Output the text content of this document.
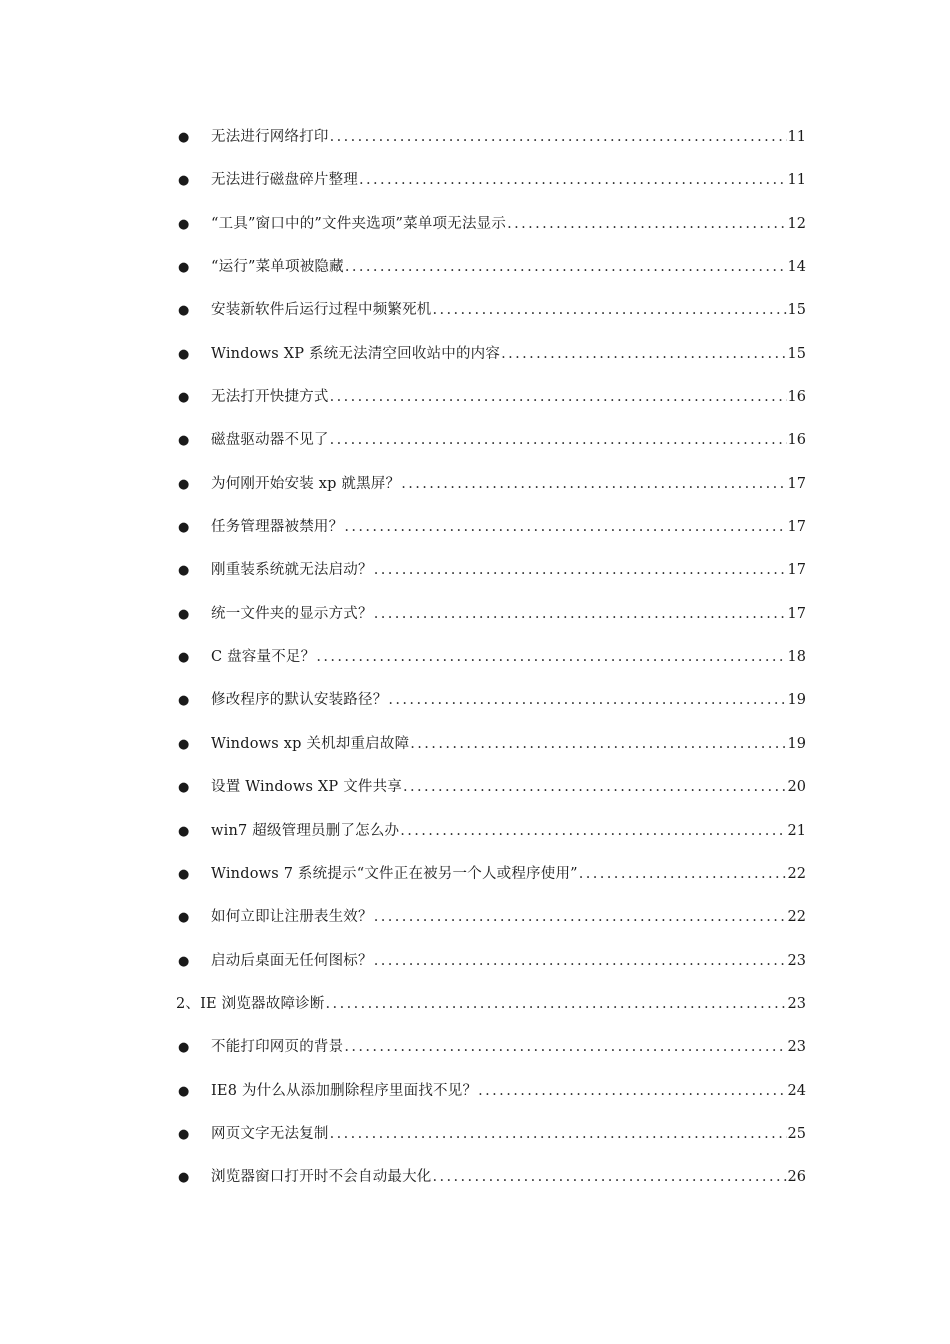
●	无法进行网络打印 .....	11
●	无法进行磁盘碎片整理 .....	11
●	“工具”窗口中的”文件夹选项”菜单项无法显示 .....	12
●	“运行”菜单项被隐藏 .....	14
●	安装新软件后运行过程中频繁死机 .....	15
●	Windows XP 系统无法清空回收站中的内容 .....	15
●	无法打开快捷方式 .....	16
●	磁盘驱动器不见了 .....	16
●	为何刚开始安装 xp 就黑屏？ .....	17
●	任务管理器被禁用？ .....	17
●	刚重装系统就无法启动？ .....	17
●	统一文件夹的显示方式？ .....	17
●	C 盘容量不足？ .....	18
●	修改程序的默认安装路径？ .....	19
●	Windows xp 关机却重启故障 .....	19
●	设置 Windows XP 文件共享 .....	20
●	win7 超级管理员删了怎么办 .....	21
●	Windows 7 系统提示“文件正在被另一个人或程序使用” .....	22
●	如何立即让注册表生效？ .....	22
●	启动后桌面无任何图标？ .....	23
2、IE 浏览器故障诊断 .....	23
●	不能打印网页的背景 .....	23
●	IE8 为什么从添加删除程序里面找不见？ .....	24
●	网页文字无法复制 .....	25
●	浏览器窗口打开时不会自动最大化 .....	26
